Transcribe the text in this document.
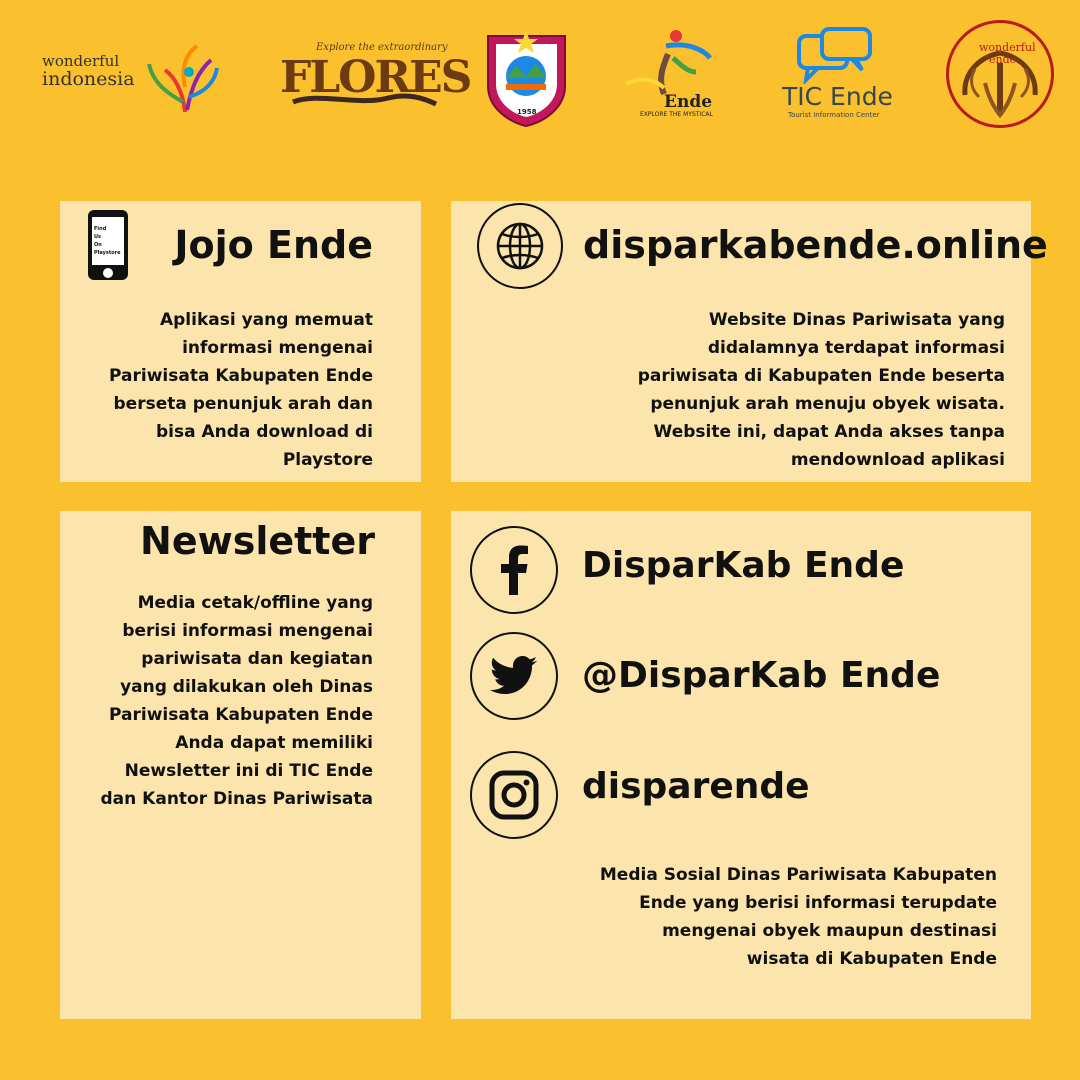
wonderful
indonesia
Explore the extraordinary
FLORES
1958	Ende
EXPLORE THE MYSTICAL
TIC Ende
Tourist Information Center
wonderful
ende
Find
Us
On
Playstore Jojo Ende
Aplikasi yang memuat
informasi mengenai
Pariwisata Kabupaten Ende
berseta penunjuk arah dan
bisa Anda download di
Playstore
disparkabende.online
Website Dinas Pariwisata yang
didalamnya terdapat informasi
pariwisata di Kabupaten Ende beserta
penunjuk arah menuju obyek wisata.
Website ini, dapat Anda akses tanpa
mendownload aplikasi
Newsletter
Media cetak/offline yang
berisi informasi mengenai
pariwisata dan kegiatan
yang dilakukan oleh Dinas
Pariwisata Kabupaten Ende
Anda dapat memiliki
Newsletter ini di TIC Ende
dan Kantor Dinas Pariwisata
DisparKab Ende
@DisparKab Ende
disparende
Media Sosial Dinas Pariwisata Kabupaten
Ende yang berisi informasi terupdate
mengenai obyek maupun destinasi
wisata di Kabupaten Ende
